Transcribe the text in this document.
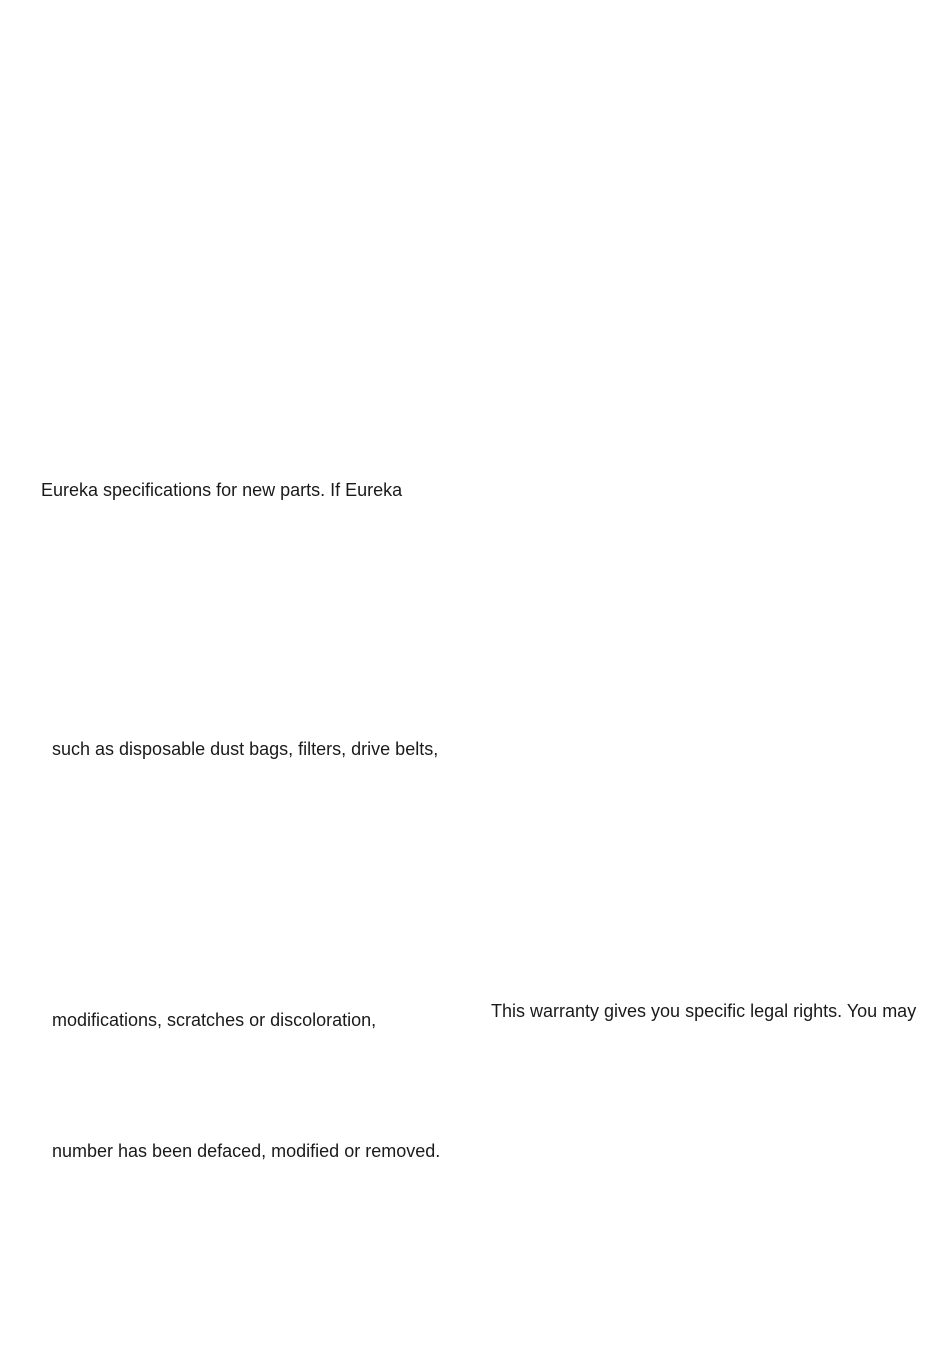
Eureka specifications for new parts. If Eureka
such as disposable dust bags, filters, drive belts,
modifications, scratches or discoloration,	This warranty gives you specific legal rights. You may
number has been defaced, modified or removed.
